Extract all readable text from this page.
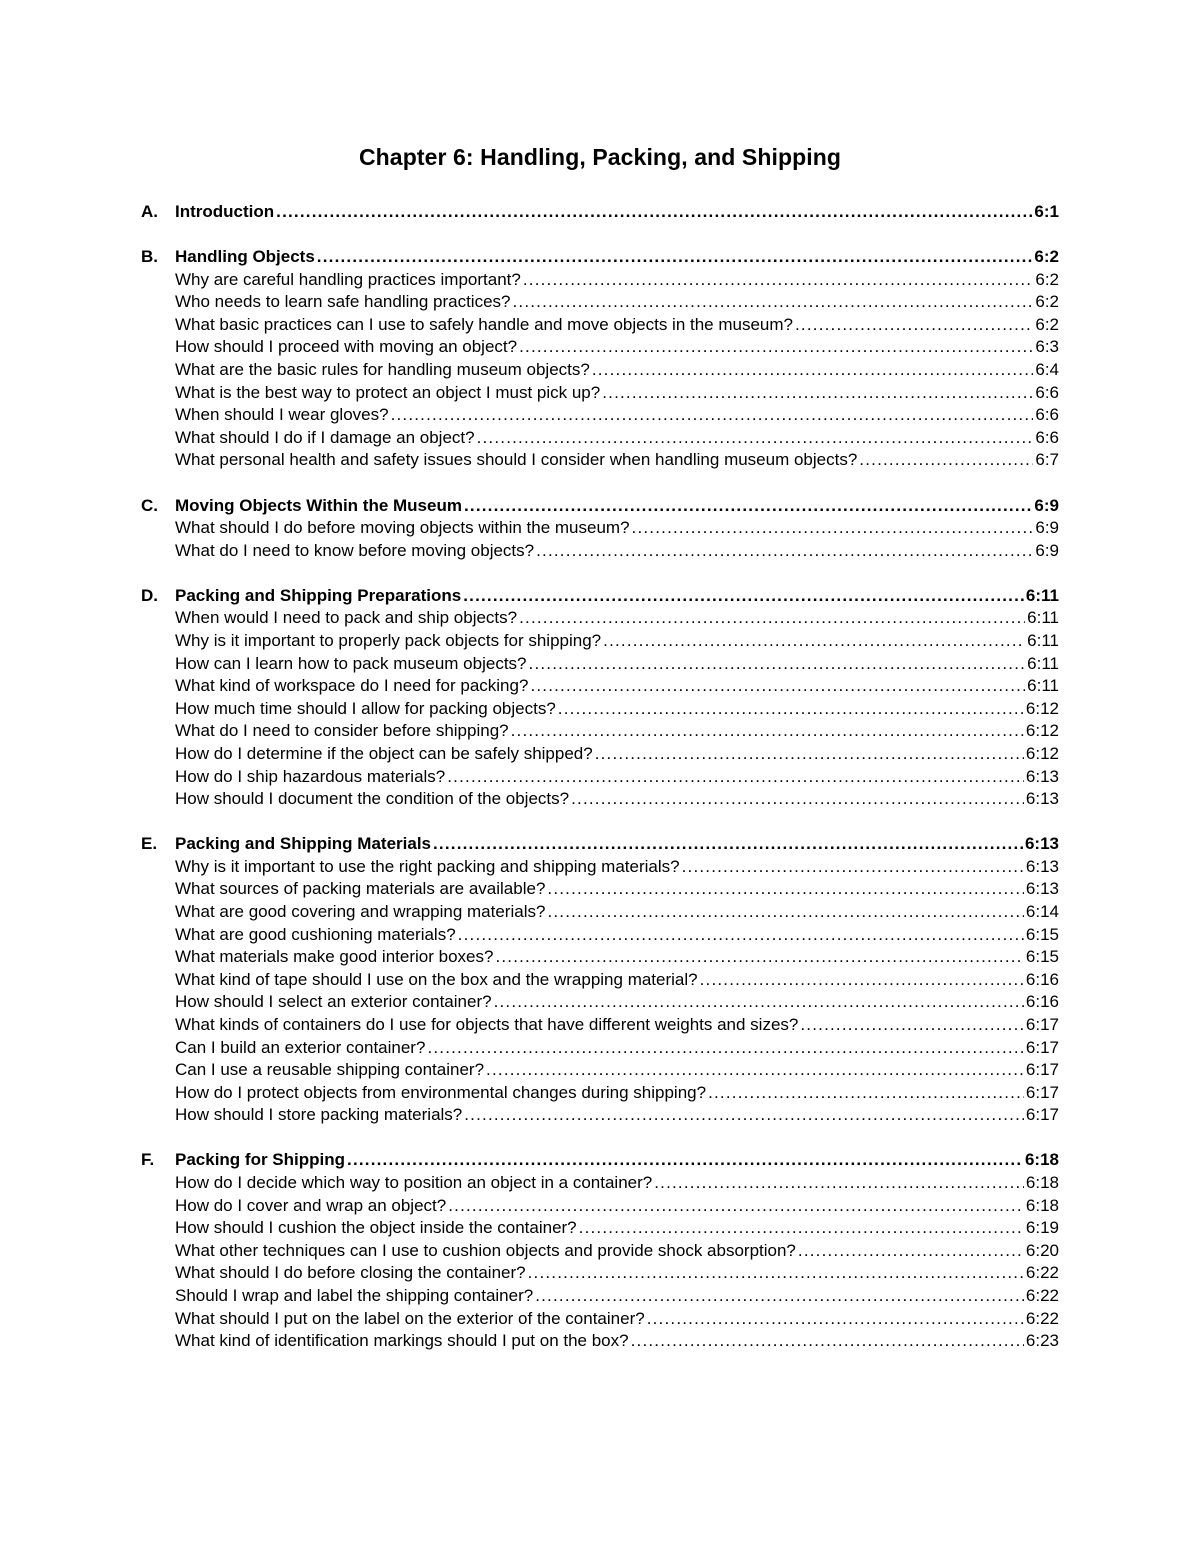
Chapter 6: Handling, Packing, and Shipping
A.	Introduction .....	6:1
B.	Handling Objects .....	6:2
Why are careful handling practices important? .....	6:2
Who needs to learn safe handling practices? .....	6:2
What basic practices can I use to safely handle and move objects in the museum? .....	6:2
How should I proceed with moving an object? .....	6:3
What are the basic rules for handling museum objects? .....	6:4
What is the best way to protect an object I must pick up? .....	6:6
When should I wear gloves? .....	6:6
What should I do if I damage an object? .....	6:6
What personal health and safety issues should I consider when handling museum objects? .....	6:7
C.	Moving Objects Within the Museum .....	6:9
What should I do before moving objects within the museum? .....	6:9
What do I need to know before moving objects? .....	6:9
D.	Packing and Shipping Preparations .....	6:11
When would I need to pack and ship objects? .....	6:11
Why is it important to properly pack objects for shipping? .....	6:11
How can I learn how to pack museum objects? .....	6:11
What kind of workspace do I need for packing? .....	6:11
How much time should I allow for packing objects? .....	6:12
What do I need to consider before shipping? .....	6:12
How do I determine if the object can be safely shipped? .....	6:12
How do I ship hazardous materials? .....	6:13
How should I document the condition of the objects? .....	6:13
E.	Packing and Shipping Materials .....	6:13
Why is it important to use the right packing and shipping materials? .....	6:13
What sources of packing materials are available? .....	6:13
What are good covering and wrapping materials? .....	6:14
What are good cushioning materials? .....	6:15
What materials make good interior boxes? .....	6:15
What kind of tape should I use on the box and the wrapping material? .....	6:16
How should I select an exterior container? .....	6:16
What kinds of containers do I use for objects that have different weights and sizes? .....	6:17
Can I build an exterior container? .....	6:17
Can I use a reusable shipping container? .....	6:17
How do I protect objects from environmental changes during shipping? .....	6:17
How should I store packing materials? .....	6:17
F.	Packing for Shipping .....	6:18
How do I decide which way to position an object in a container? .....	6:18
How do I cover and wrap an object? .....	6:18
How should I cushion the object inside the container? .....	6:19
What other techniques can I use to cushion objects and provide shock absorption? .....	6:20
What should I do before closing the container? .....	6:22
Should I wrap and label the shipping container? .....	6:22
What should I put on the label on the exterior of the container? .....	6:22
What kind of identification markings should I put on the box? .....	6:23
